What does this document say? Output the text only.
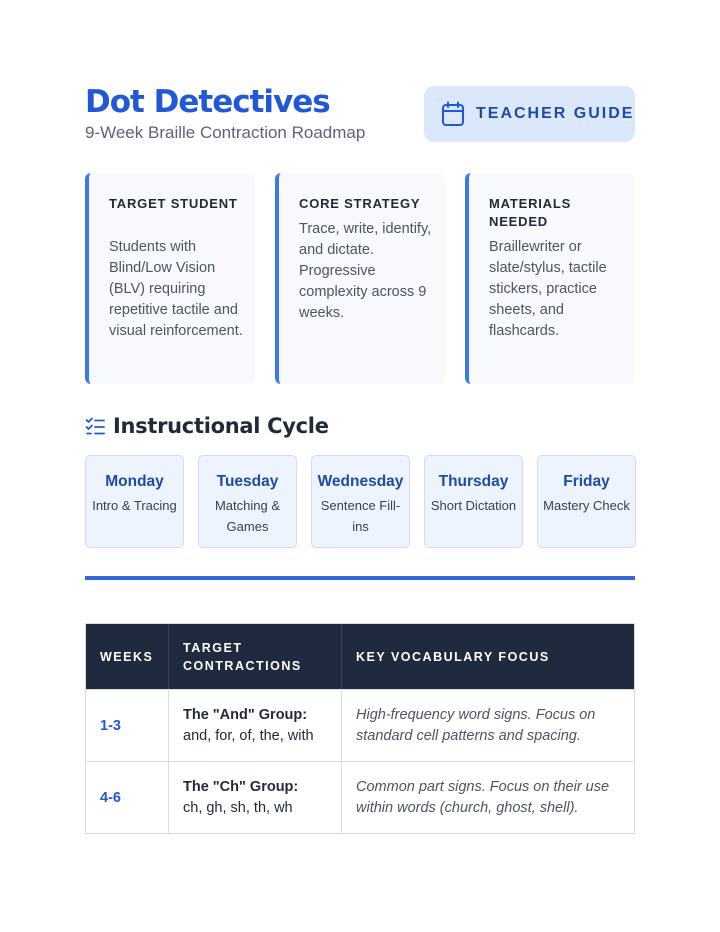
Dot Detectives
9-Week Braille Contraction Roadmap
TEACHER GUIDE
TARGET STUDENT
Students with Blind/Low Vision (BLV) requiring repetitive tactile and visual reinforcement.
CORE STRATEGY
Trace, write, identify, and dictate. Progressive complexity across 9 weeks.
MATERIALS NEEDED
Braillewriter or slate/stylus, tactile stickers, practice sheets, and flashcards.
Instructional Cycle
Monday
Intro & Tracing
Tuesday
Matching & Games
Wednesday
Sentence Fill-ins
Thursday
Short Dictation
Friday
Mastery Check
WEEKS
TARGET CONTRACTIONS
KEY VOCABULARY FOCUS
1-3
The "And" Group:
and, for, of, the, with
High-frequency word signs. Focus on standard cell patterns and spacing.
4-6
The "Ch" Group:
ch, gh, sh, th, wh
Common part signs. Focus on their use within words (church, ghost, shell).
